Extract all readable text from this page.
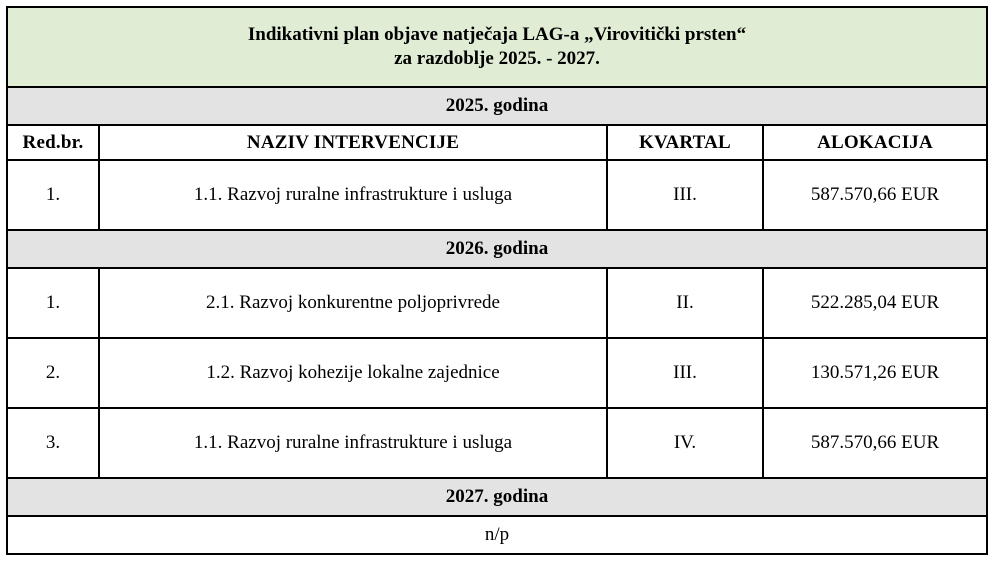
Indikativni plan objave natječaja LAG-a „Virovitički prsten“
za razdoblje 2025. - 2027.			

2025. godina			
Red.br.	NAZIV INTERVENCIJE	KVARTAL	ALOKACIJA
1.	1.1. Razvoj ruralne infrastrukture i usluga	III.	587.570,66 EUR
2026. godina			
1.	2.1. Razvoj konkurentne poljoprivrede	II.	522.285,04 EUR
2.	1.2. Razvoj kohezije lokalne zajednice	III.	130.571,26 EUR
3.	1.1. Razvoj ruralne infrastrukture i usluga	IV.	587.570,66 EUR
2027. godina			
n/p			
